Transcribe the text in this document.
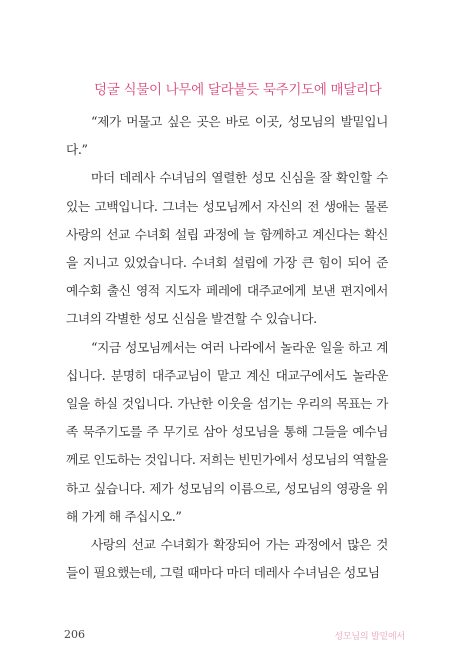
덩굴 식물이 나무에 달라붙듯 묵주기도에 매달리다

“제가 머물고 싶은 곳은 바로 이곳, 성모님의 발밑입니다.”

마더 데레사 수녀님의 열렬한 성모 신심을 잘 확인할 수 있는 고백입니다. 그녀는 성모님께서 자신의 전 생애는 물론 사랑의 선교 수녀회 설립 과정에 늘 함께하고 계신다는 확신을 지니고 있었습니다. 수녀회 설립에 가장 큰 힘이 되어 준 예수회 출신 영적 지도자 페레에 대주교에게 보낸 편지에서 그녀의 각별한 성모 신심을 발견할 수 있습니다.

“지금 성모님께서는 여러 나라에서 놀라운 일을 하고 계십니다. 분명히 대주교님이 맡고 계신 대교구에서도 놀라운 일을 하실 것입니다. 가난한 이웃을 섬기는 우리의 목표는 가족 묵주기도를 주 무기로 삼아 성모님을 통해 그들을 예수님께로 인도하는 것입니다. 저희는 빈민가에서 성모님의 역할을 하고 싶습니다. 제가 성모님의 이름으로, 성모님의 영광을 위해 가게 해 주십시오.”

사랑의 선교 수녀회가 확장되어 가는 과정에서 많은 것들이 필요했는데, 그럴 때마다 마더 데레사 수녀님은 성모님

206	성모님의 발밑에서
